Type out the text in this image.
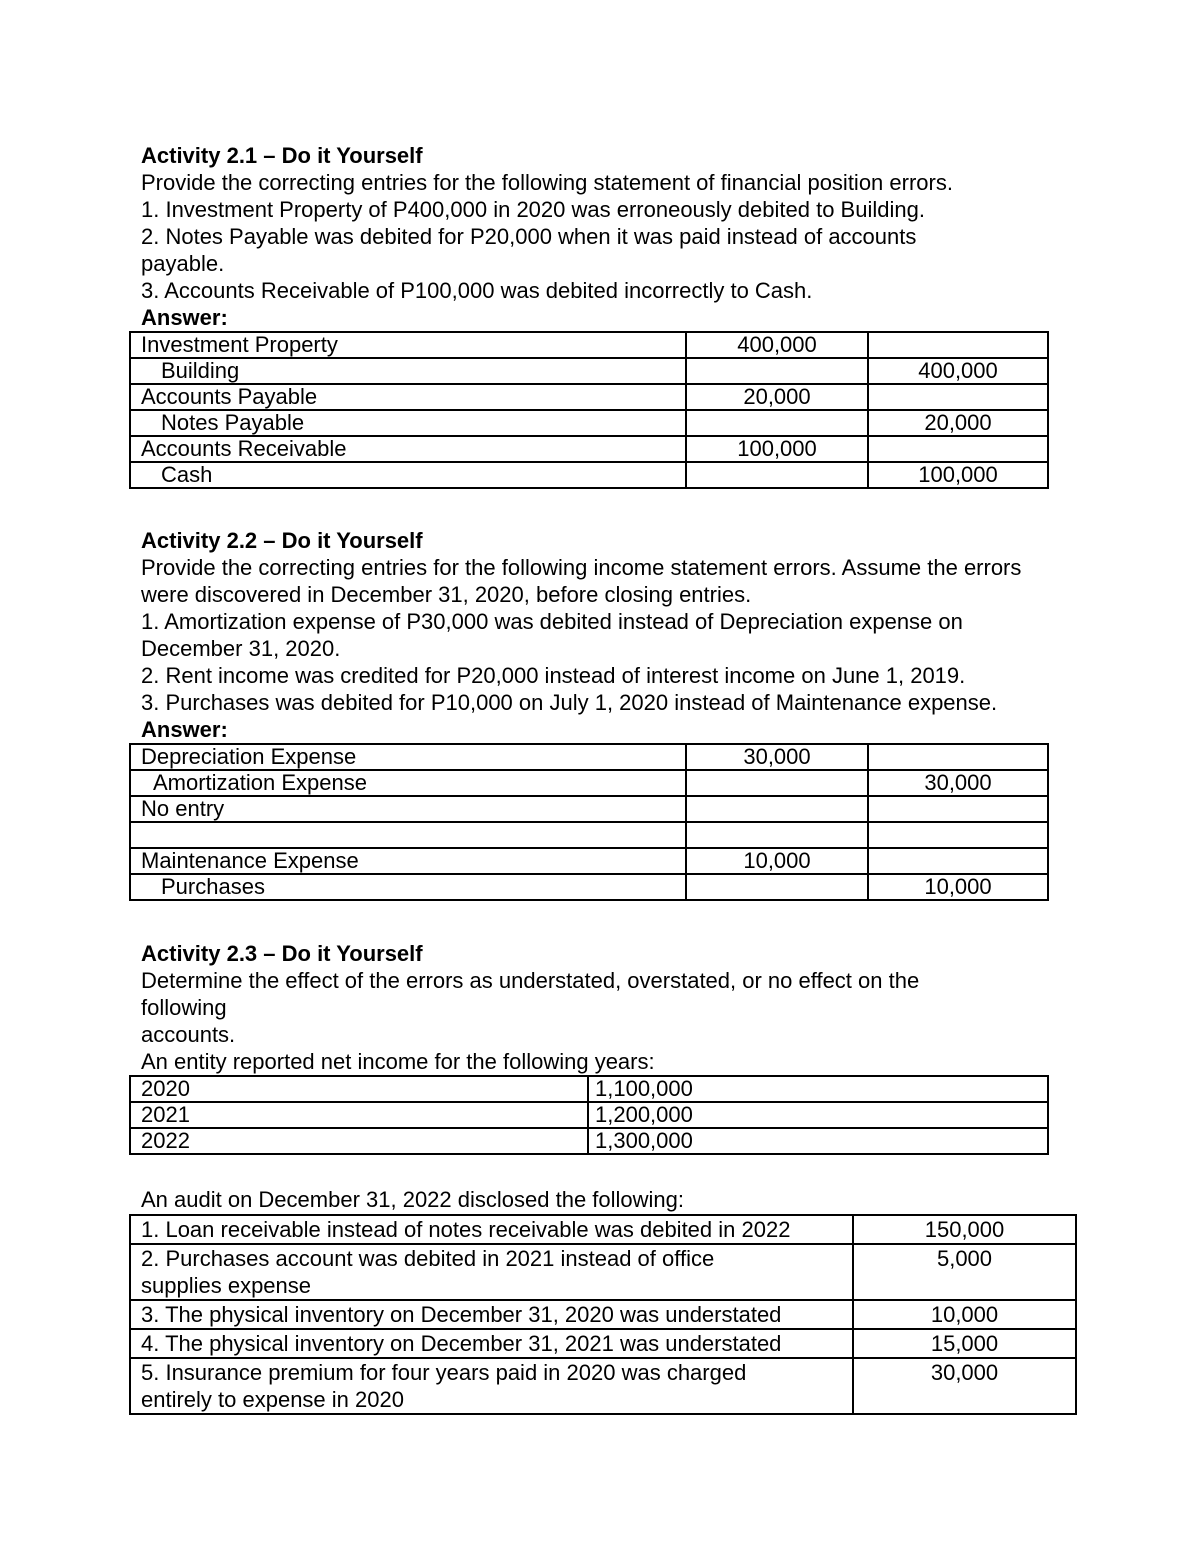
Activity 2.1 – Do it Yourself

Provide the correcting entries for the following statement of financial position errors.

1. Investment Property of P400,000 in 2020 was erroneously debited to Building.

2. Notes Payable was debited for P20,000 when it was paid instead of accounts payable.

3. Accounts Receivable of P100,000 was debited incorrectly to Cash.

Answer:

Investment Property	400,000	
Building		400,000
Accounts Payable	20,000	
Notes Payable		20,000
Accounts Receivable	100,000	
Cash		100,000

Activity 2.2 – Do it Yourself

Provide the correcting entries for the following income statement errors. Assume the errors were discovered in December 31, 2020, before closing entries.

1. Amortization expense of P30,000 was debited instead of Depreciation expense on December 31, 2020.

2. Rent income was credited for P20,000 instead of interest income on June 1, 2019.

3. Purchases was debited for P10,000 on July 1, 2020 instead of Maintenance expense.

Answer:

Depreciation Expense	30,000	
Amortization Expense		30,000
No entry		

Maintenance Expense	10,000	
Purchases		10,000

Activity 2.3 – Do it Yourself

Determine the effect of the errors as understated, overstated, or no effect on the

following

accounts.

An entity reported net income for the following years:

2020	1,100,000
2021	1,200,000
2022	1,300,000

An audit on December 31, 2022 disclosed the following:

1. Loan receivable instead of notes receivable was debited in 2022	150,000
2. Purchases account was debited in 2021 instead of office supplies expense	5,000
3. The physical inventory on December 31, 2020 was understated	10,000
4. The physical inventory on December 31, 2021 was understated	15,000
5. Insurance premium for four years paid in 2020 was charged entirely to expense in 2020	30,000
